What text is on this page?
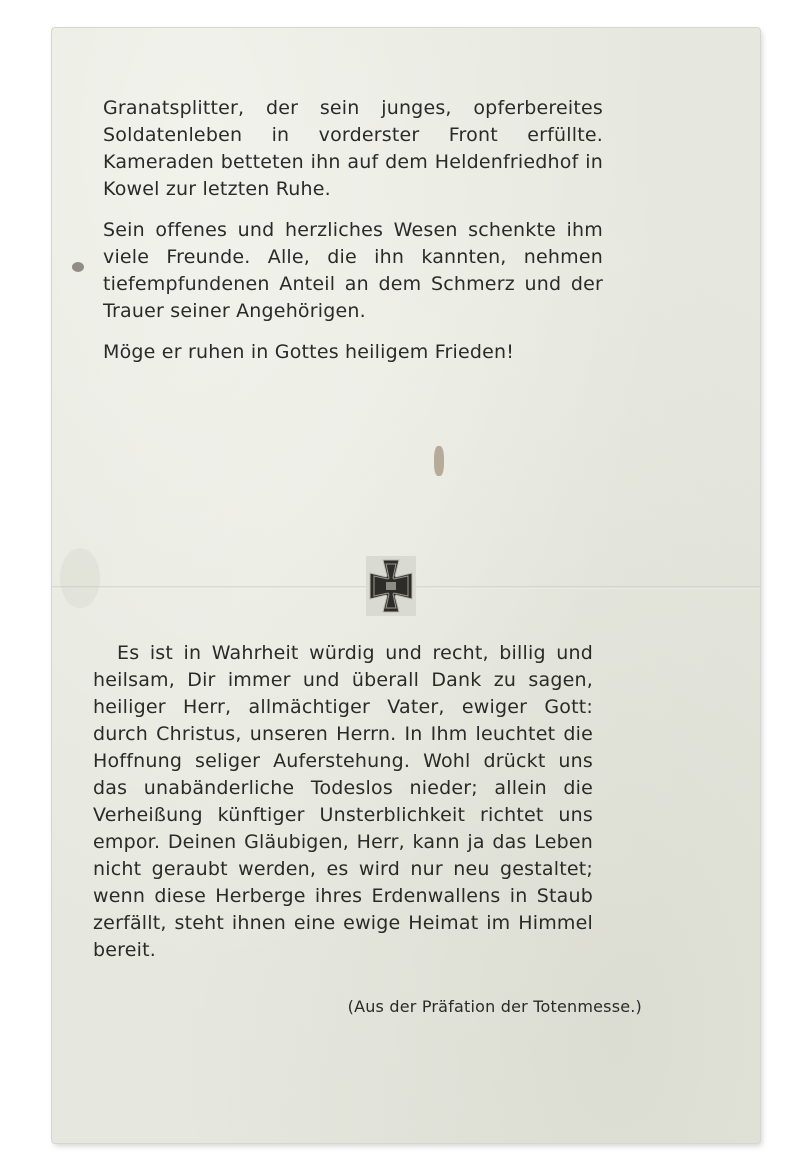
Granatsplitter, der sein junges, opferbereites Soldatenleben in vorderster Front erfüllte. Kameraden betteten ihn auf dem Heldenfriedhof in Kowel zur letzten Ruhe.

Sein offenes und herzliches Wesen schenkte ihm viele Freunde. Alle, die ihn kannten, nehmen tiefempfundenen Anteil an dem Schmerz und der Trauer seiner Angehörigen.

Möge er ruhen in Gottes heiligem Frieden!

Es ist in Wahrheit würdig und recht, billig und heilsam, Dir immer und überall Dank zu sagen, heiliger Herr, allmächtiger Vater, ewiger Gott: durch Christus, unseren Herrn. In Ihm leuchtet die Hoffnung seliger Auferstehung. Wohl drückt uns das unabänderliche Todeslos nieder; allein die Verheißung künftiger Unsterblichkeit richtet uns empor. Deinen Gläubigen, Herr, kann ja das Leben nicht geraubt werden, es wird nur neu gestaltet; wenn diese Herberge ihres Erdenwallens in Staub zerfällt, steht ihnen eine ewige Heimat im Himmel bereit.

(Aus der Präfation der Totenmesse.)
